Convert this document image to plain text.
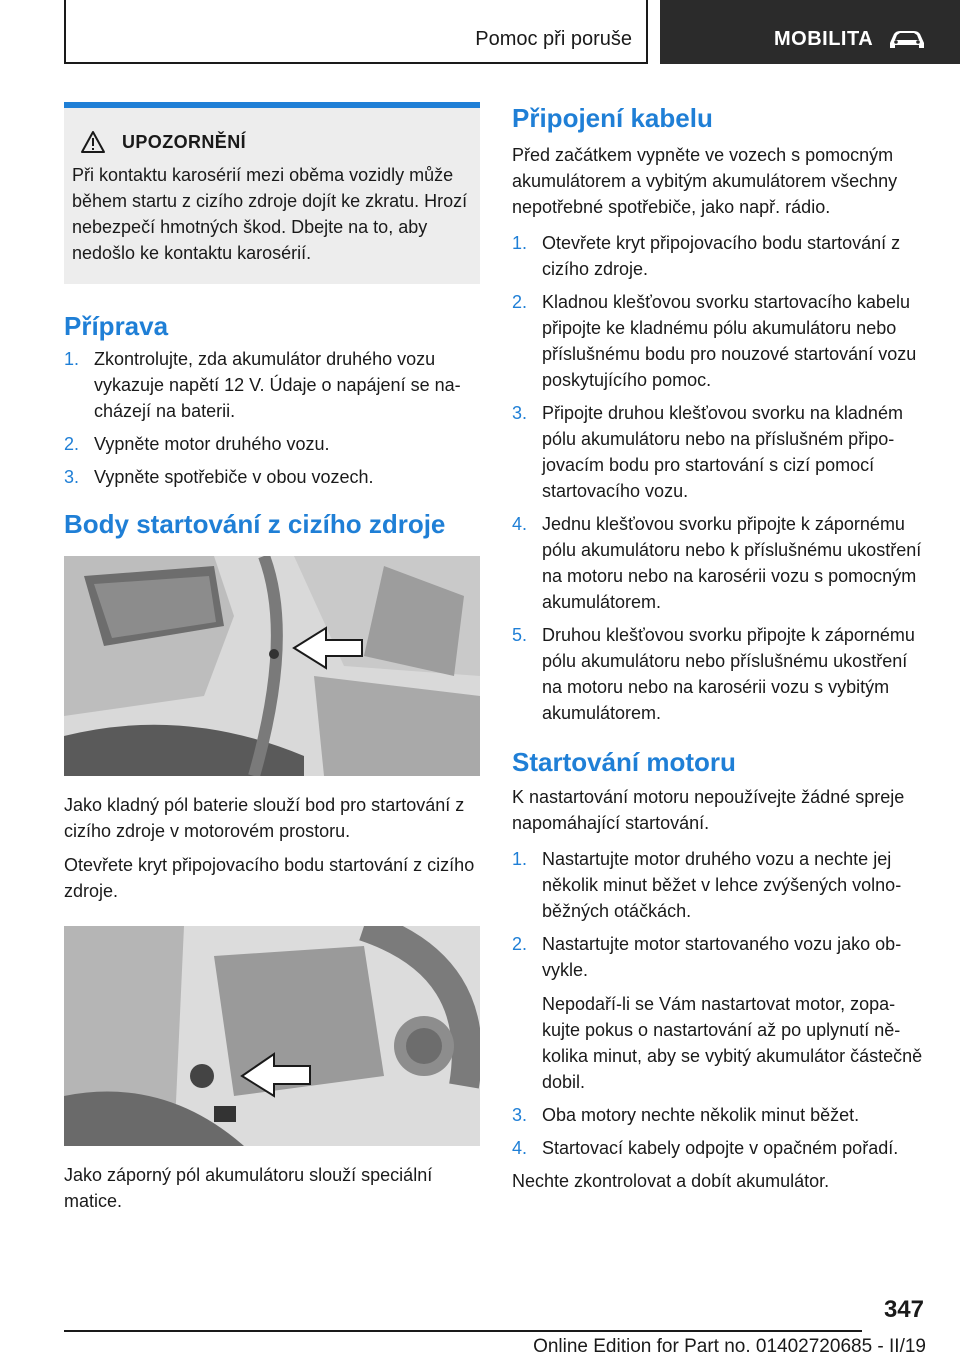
Pomoc při poruše	MOBILITA
UPOZORNĚNÍ
Při kontaktu karosérií mezi oběma vozidly může během startu z cizího zdroje dojít ke zkratu. Hrozí nebezpečí hmotných škod. Dbejte na to, aby nedošlo ke kontaktu karosérií.
Příprava
1. Zkontrolujte, zda akumulátor druhého vozu vykazuje napětí 12 V. Údaje o napájení se nacházejí na baterii.
2. Vypněte motor druhého vozu.
3. Vypněte spotřebiče v obou vozech.
Body startování z cizího zdroje

Jako kladný pól baterie slouží bod pro startování z cizího zdroje v motorovém prostoru.

Otevřete kryt připojovacího bodu startování z cizího zdroje.

Jako záporný pól akumulátoru slouží speciální matice.

Připojení kabelu

Před začátkem vypněte ve vozech s pomocným akumulátorem a vybitým akumulátorem všechny nepotřebné spotřebiče, jako např. rádio.

1. Otevřete kryt připojovacího bodu startování z cizího zdroje.
2. Kladnou klešťovou svorku startovacího kabelu připojte ke kladnému pólu akumulátoru nebo příslušnému bodu pro nouzové startování vozu poskytujícího pomoc.
3. Připojte druhou klešťovou svorku na kladném pólu akumulátoru nebo na příslušném připojovacím bodu pro startování s cizí pomocí startovacího vozu.
4. Jednu klešťovou svorku připojte k zápornému pólu akumulátoru nebo k příslušnému ukostření na motoru nebo na karosérii vozu s pomocným akumulátorem.
5. Druhou klešťovou svorku připojte k zápornému pólu akumulátoru nebo příslušnému ukostření na motoru nebo na karosérii vozu s vybitým akumulátorem.
Startování motoru

K nastartování motoru nepoužívejte žádné spreje napomáhající startování.

1. Nastartujte motor druhého vozu a nechte jej několik minut běžet v lehce zvýšených volnoběžných otáčkách.
2. Nastartujte motor startovaného vozu jako obvykle.
Nepodaří-li se Vám nastartovat motor, zopakujte pokus o nastartování až po uplynutí několika minut, aby se vybitý akumulátor částečně dobil.
3. Oba motory nechte několik minut běžet.
4. Startovací kabely odpojte v opačném pořadí.

Nechte zkontrolovat a dobít akumulátor.

347
Online Edition for Part no. 01402720685 - II/19
